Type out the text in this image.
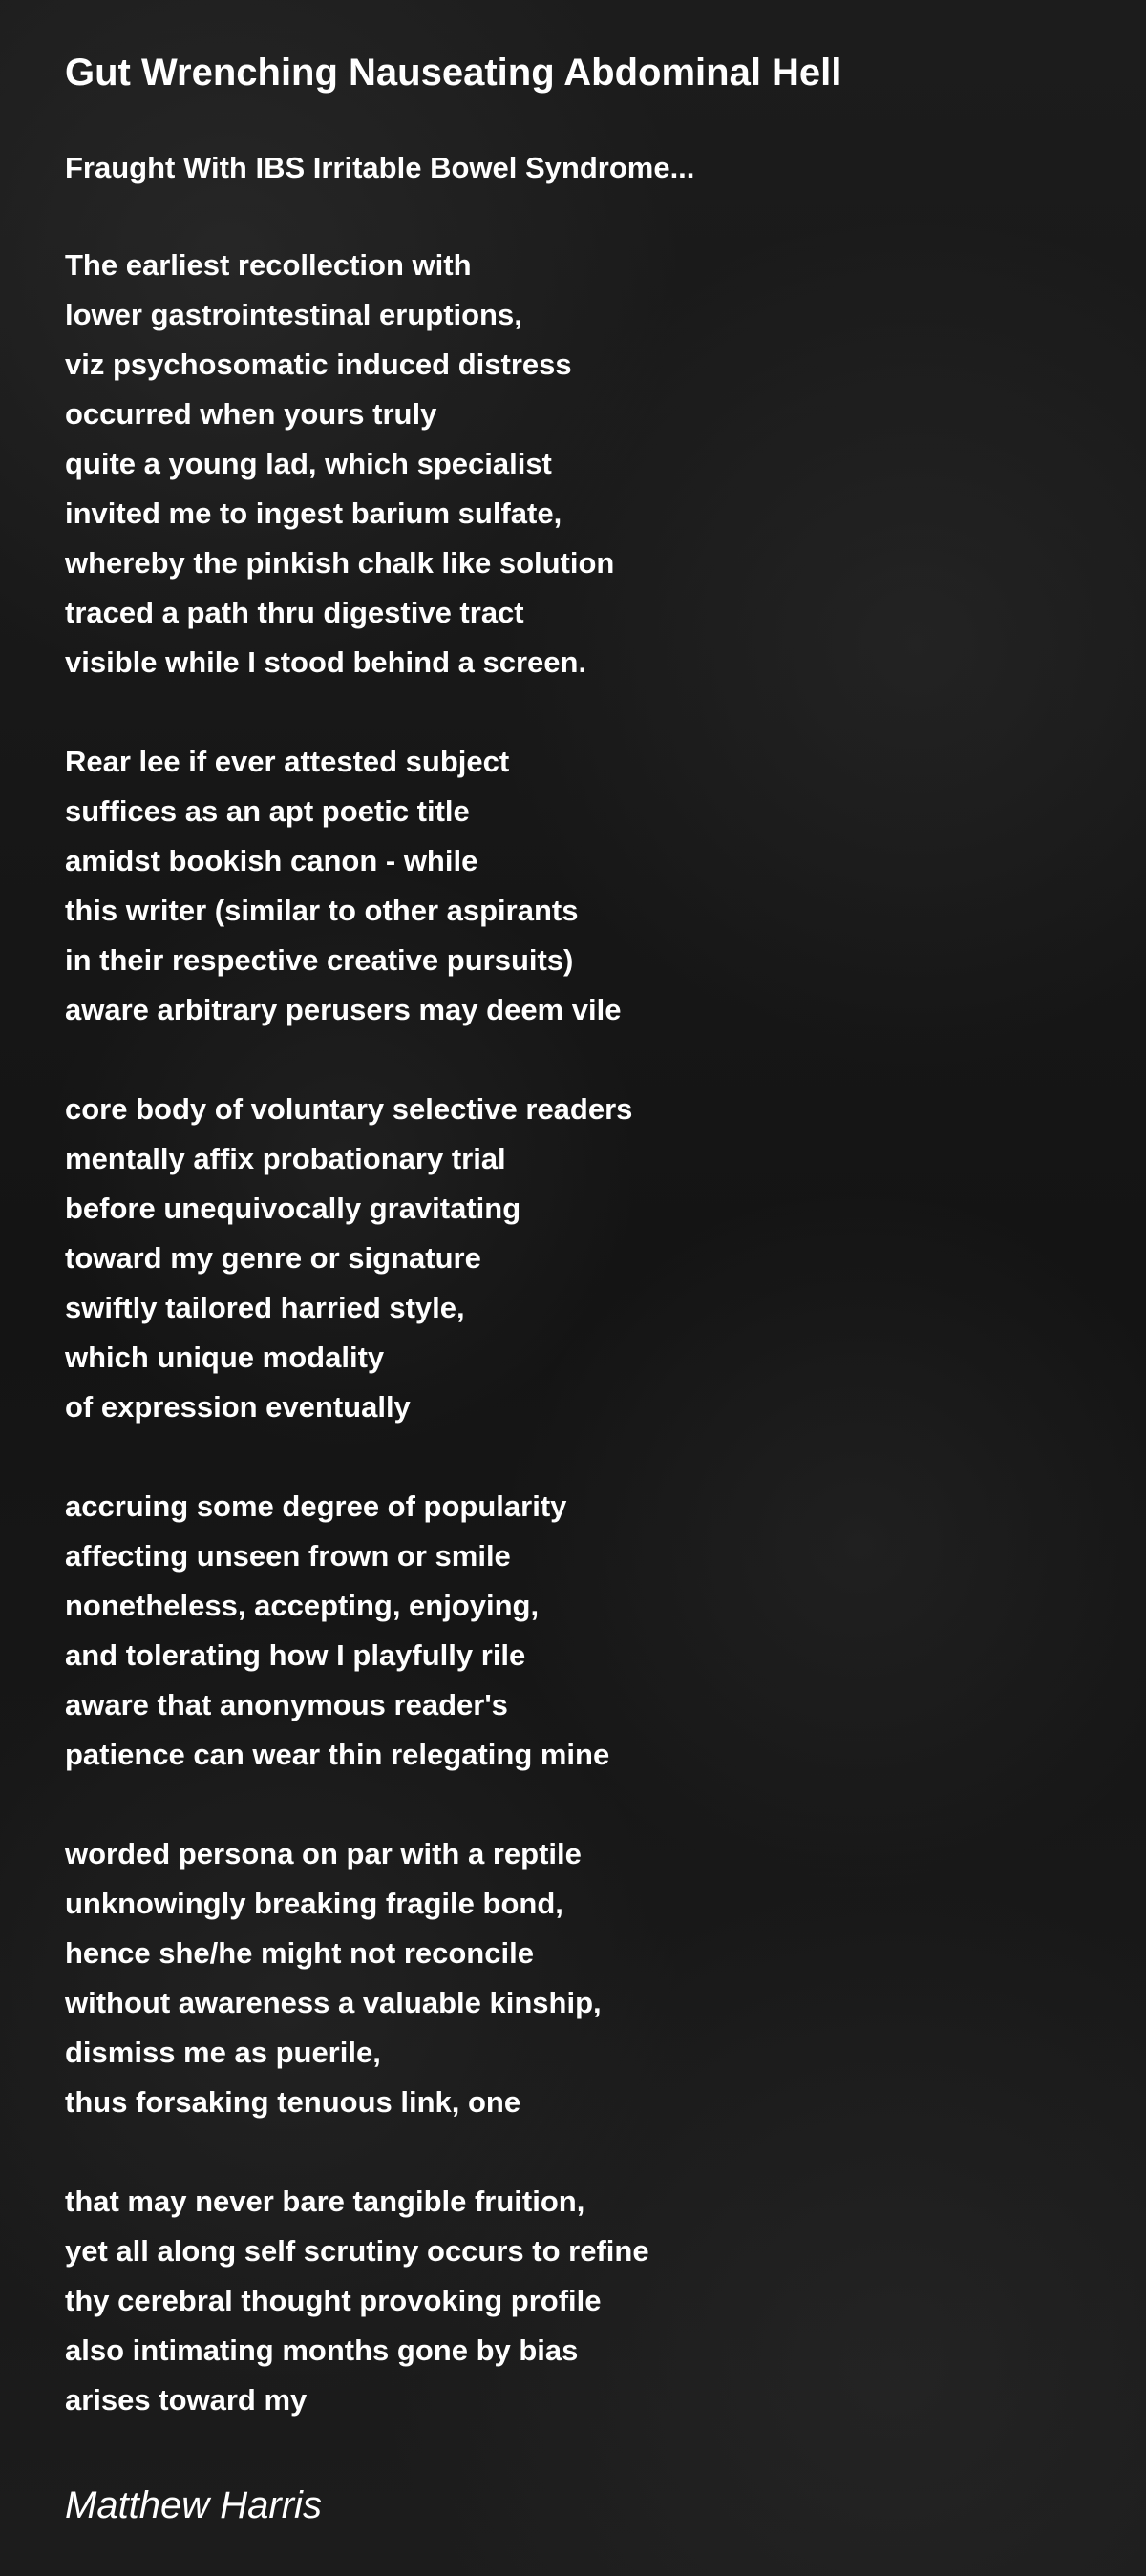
Gut Wrenching Nauseating Abdominal Hell

Fraught With IBS Irritable Bowel Syndrome...

The earliest recollection with
lower gastrointestinal eruptions,
viz psychosomatic induced distress
occurred when yours truly
quite a young lad, which specialist
invited me to ingest barium sulfate,
whereby the pinkish chalk like solution
traced a path thru digestive tract
visible while I stood behind a screen.
Rear lee if ever attested subject
suffices as an apt poetic title
amidst bookish canon - while
this writer (similar to other aspirants
in their respective creative pursuits)
aware arbitrary perusers may deem vile
core body of voluntary selective readers
mentally affix probationary trial
before unequivocally gravitating
toward my genre or signature
swiftly tailored harried style,
which unique modality
of expression eventually
accruing some degree of popularity
affecting unseen frown or smile
nonetheless, accepting, enjoying,
and tolerating how I playfully rile
aware that anonymous reader's
patience can wear thin relegating mine
worded persona on par with a reptile
unknowingly breaking fragile bond,
hence she/he might not reconcile
without awareness a valuable kinship,
dismiss me as puerile,
thus forsaking tenuous link, one
that may never bare tangible fruition,
yet all along self scrutiny occurs to refine
thy cerebral thought provoking profile
also intimating months gone by bias
arises toward my

Matthew Harris
